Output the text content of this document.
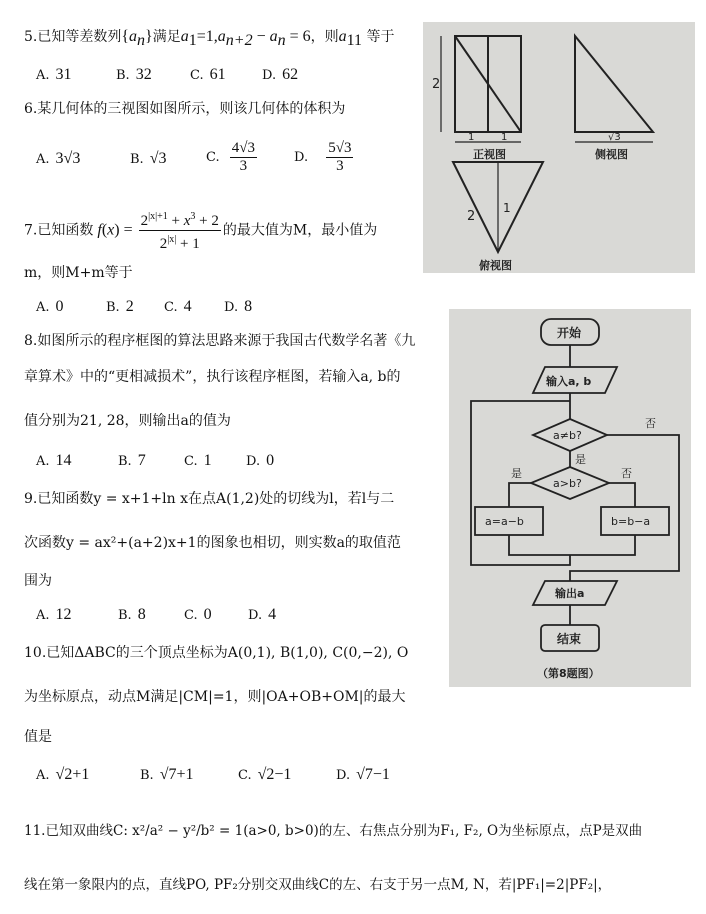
5.已知等差数列$\{a_n\}$满足$a_1=1,a_{n+2} - a_n = 6$，则$a_{11}$ 等于
A. 31	B. 32	C. 61	D. 62
6.某几何体的三视图如图所示，则该几何体的体积为
A. 3√3	B. √3	C. $\frac{4√3}{3}$	D. $\frac{5√3}{3}$
7.已知函数 $f(x) = \frac{2^{|x|+1} + x^3 + 2}{2^{|x|} + 1}$ 的最大值为M，最小值为
m，则M+m等于
A. 0	B. 2 C. 4 D. 8
8.如图所示的程序框图的算法思路来源于我国古代数学名著《九
章算术》中的“更相减损术”，执行该程序框图，若输入a, b的
值分别为21, 28，则输出a的值为
A. 14	B. 7	C. 1	D. 0
9.已知函数y = x+1+ln x在点A(1,2)处的切线为l，若l与二
次函数y = ax²+(a+2)x+1的图象也相切，则实数a的取值范
围为
A. 12	B. 8	C. 0	D. 4
10.已知ΔABC的三个顶点坐标为A(0,1), B(1,0), C(0,−2), O
为坐标原点，动点M满足|CM|=1，则|OA+OB+OM|的最大
值是
A. √2+1	B. √7+1	C. √2−1	D. √7−1
11.已知双曲线C: x²/a² − y²/b² = 1(a>0, b>0)的左、右焦点分别为F₁, F₂, O为坐标原点，点P是双曲
线在第一象限内的点，直线PO, PF₂分别交双曲线C的左、右支于另一点M, N，若|PF₁|=2|PF₂|，
2
1	1	√3
正视图	侧视图
2
1
俯视图
开始
输入a, b
a≠b?
是
否
a>b?
是	否
a=a−b	b=b−a
输出a
结束
（第8题图）
